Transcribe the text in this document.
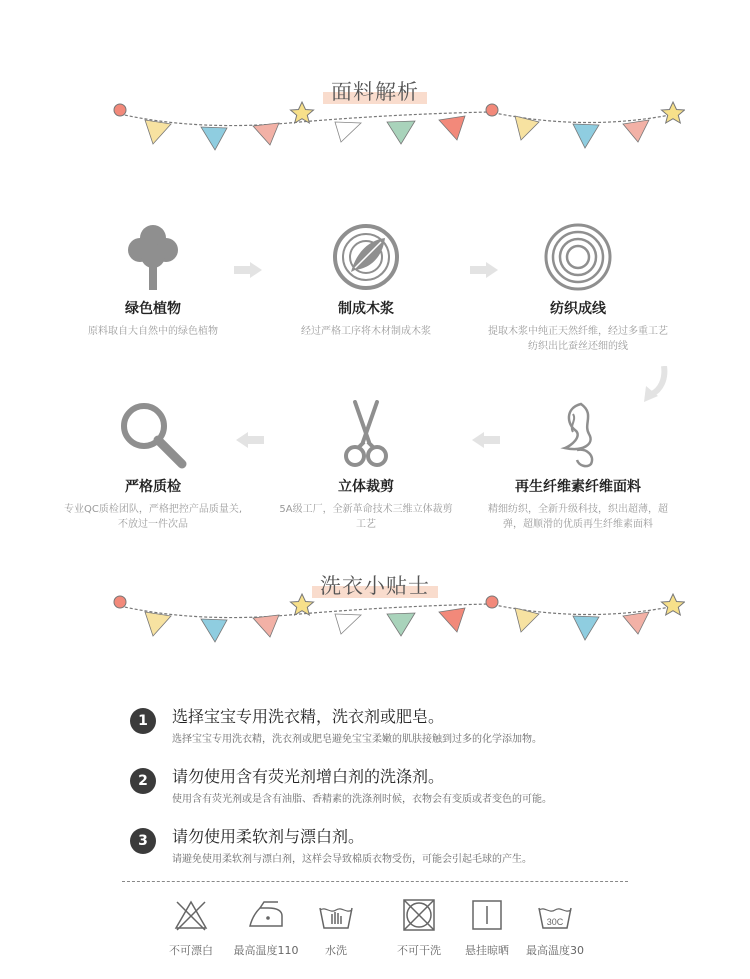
面料解析
绿色植物
原料取自大自然中的绿色植物
制成木浆
经过严格工序将木材制成木浆
纺织成线
提取木浆中纯正天然纤维，经过多重工艺纺织出比蚕丝还细的线
严格质检
专业QC质检团队，严格把控产品质量关,不放过一件次品
立体裁剪
5A级工厂，全新革命技术三维立体裁剪工艺
再生纤维素纤维面料
精细纺织，全新升级科技，织出超薄，超弹，超顺滑的优质再生纤维素面料
洗衣小贴士
1	选择宝宝专用洗衣精，洗衣剂或肥皂。
选择宝宝专用洗衣精，洗衣剂或肥皂避免宝宝柔嫩的肌肤接触到过多的化学添加物。
2	请勿使用含有荧光剂增白剂的洗涤剂。
使用含有荧光剂或是含有油脂、香精素的洗涤剂时候，衣物会有变质或者变色的可能。
3	请勿使用柔软剂与漂白剂。
请避免使用柔软剂与漂白剂，这样会导致棉质衣物受伤，可能会引起毛球的产生。
不可漂白	最高温度110	水洗	不可干洗	悬挂晾晒
30C
最高温度30
